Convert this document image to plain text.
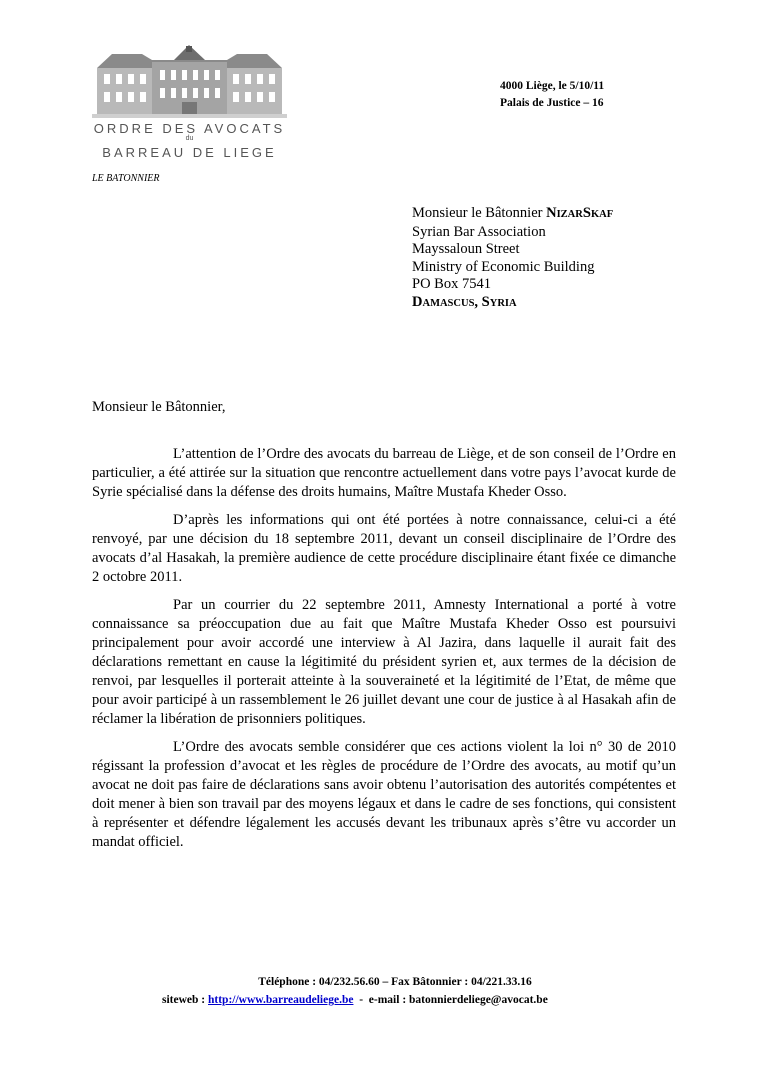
ORDRE DES AVOCATS
du
BARREAU DE LIEGE
4000 Liège, le 5/10/11
Palais de Justice – 16
LE BATONNIER
Monsieur le Bâtonnier NIZARSKAF
Syrian Bar Association
Mayssaloun Street
Ministry of Economic Building
PO Box 7541
DAMASCUS, SYRIA
Monsieur le Bâtonnier,

L’attention de l’Ordre des avocats du barreau de Liège, et de son conseil de l’Ordre en particulier, a été attirée sur la situation que rencontre actuellement dans votre pays l’avocat kurde de Syrie spécialisé dans la défense des droits humains, Maître Mustafa Kheder Osso.

D’après les informations qui ont été portées à notre connaissance, celui-ci a été renvoyé, par une décision du 18 septembre 2011, devant un conseil disciplinaire de l’Ordre des avocats d’al Hasakah, la première audience de cette procédure disciplinaire étant fixée ce dimanche 2 octobre 2011.

Par un courrier du 22 septembre 2011, Amnesty International a porté à votre connaissance sa préoccupation due au fait que Maître Mustafa Kheder Osso est poursuivi principalement pour avoir accordé une interview à Al Jazira, dans laquelle il aurait fait des déclarations remettant en cause la légitimité du président syrien et, aux termes de la décision de renvoi, par lesquelles il porterait atteinte à la souveraineté et la légitimité de l’Etat, de même que pour avoir participé à un rassemblement le 26 juillet devant une cour de justice à al Hasakah afin de réclamer la libération de prisonniers politiques.

L’Ordre des avocats semble considérer que ces actions violent la loi n° 30 de 2010 régissant la profession d’avocat et les règles de procédure de l’Ordre des avocats, au motif qu’un avocat ne doit pas faire de déclarations sans avoir obtenu l’autorisation des autorités compétentes et doit mener à bien son travail par des moyens légaux et dans le cadre de ses fonctions, qui consistent à représenter et défendre légalement les accusés devant les tribunaux après s’être vu accorder un mandat officiel.

Téléphone : 04/232.56.60 – Fax Bâtonnier : 04/221.33.16
siteweb : http://www.barreaudeliege.be  -  e-mail : batonnierdeliege@avocat.be
